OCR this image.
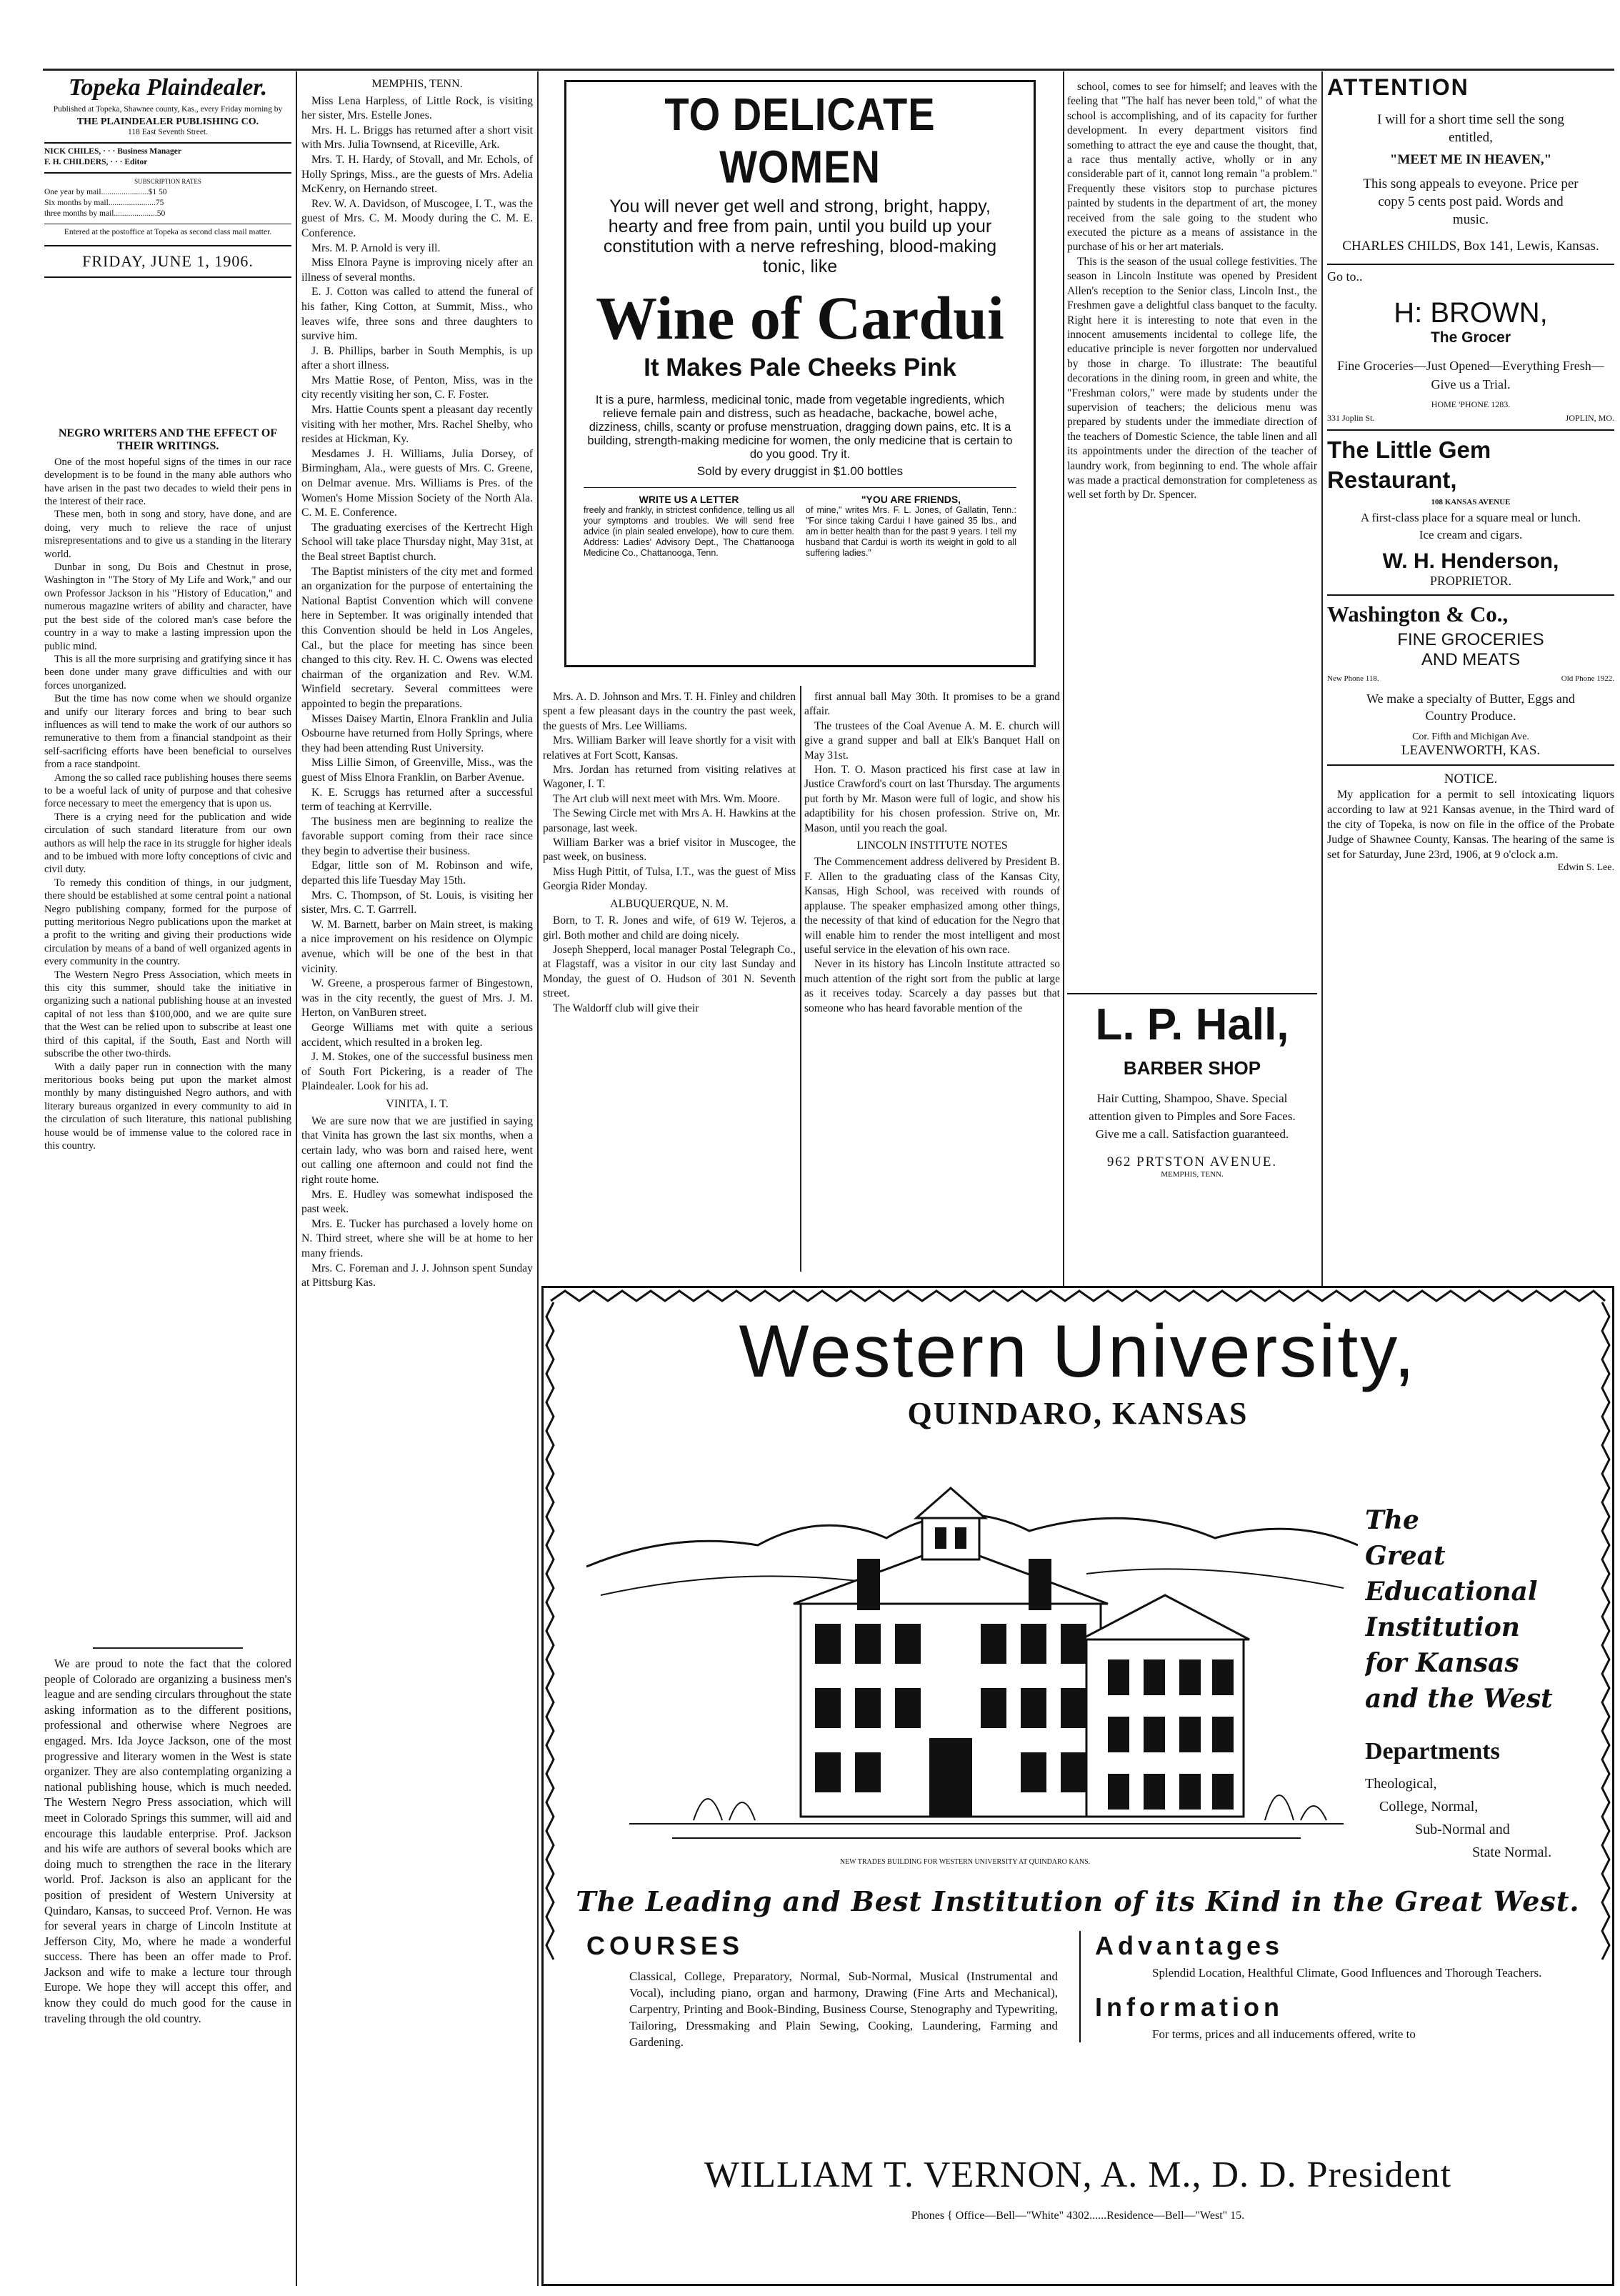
Topeka Plaindealer.
Published at Topeka, Shawnee county, Kas., every Friday morning by
THE PLAINDEALER PUBLISHING CO.
118 East Seventh Street.
NICK CHILES, · · · Business Manager
F. H. CHILDERS, · · · Editor
SUBSCRIPTION RATES
One year by mail.......................$1 50
Six months by mail.......................75
three months by mail.....................50
Entered at the postoffice at Topeka as second class mail matter.
FRIDAY, JUNE 1, 1906.
NEGRO WRITERS AND THE EFFECT OF THEIR WRITINGS.

One of the most hopeful signs of the times in our race development is to be found in the many able authors who have arisen in the past two decades to wield their pens in the interest of their race.

These men, both in song and story, have done, and are doing, very much to relieve the race of unjust misrepresentations and to give us a standing in the literary world.

Dunbar in song, Du Bois and Chestnut in prose, Washington in "The Story of My Life and Work," and our own Professor Jackson in his "History of Education," and numerous magazine writers of ability and character, have put the best side of the colored man's case before the country in a way to make a lasting impression upon the public mind.

This is all the more surprising and gratifying since it has been done under many grave difficulties and with our forces unorganized.

But the time has now come when we should organize and unify our literary forces and bring to bear such influences as will tend to make the work of our authors so remunerative to them from a financial standpoint as their self-sacrificing efforts have been beneficial to ourselves from a race standpoint.

Among the so called race publishing houses there seems to be a woeful lack of unity of purpose and that cohesive force necessary to meet the emergency that is upon us.

There is a crying need for the publication and wide circulation of such standard literature from our own authors as will help the race in its struggle for higher ideals and to be imbued with more lofty conceptions of civic and civil duty.

To remedy this condition of things, in our judgment, there should be established at some central point a national Negro publishing company, formed for the purpose of putting meritorious Negro publications upon the market at a profit to the writing and giving their productions wide circulation by means of a band of well organized agents in every community in the country.

The Western Negro Press Association, which meets in this city this summer, should take the initiative in organizing such a national publishing house at an invested capital of not less than $100,000, and we are quite sure that the West can be relied upon to subscribe at least one third of this capital, if the South, East and North will subscribe the other two-thirds.

With a daily paper run in connection with the many meritorious books being put upon the market almost monthly by many distinguished Negro authors, and with literary bureaus organized in every community to aid in the circulation of such literature, this national publishing house would be of immense value to the colored race in this country.

We are proud to note the fact that the colored people of Colorado are organizing a business men's league and are sending circulars throughout the state asking information as to the different positions, professional and otherwise where Negroes are engaged. Mrs. Ida Joyce Jackson, one of the most progressive and literary women in the West is state organizer. They are also contemplating organizing a national publishing house, which is much needed. The Western Negro Press association, which will meet in Colorado Springs this summer, will aid and encourage this laudable enterprise. Prof. Jackson and his wife are authors of several books which are doing much to strengthen the race in the literary world. Prof. Jackson is also an applicant for the position of president of Western University at Quindaro, Kansas, to succeed Prof. Vernon. He was for several years in charge of Lincoln Institute at Jefferson City, Mo, where he made a wonderful success. There has been an offer made to Prof. Jackson and wife to make a lecture tour through Europe. We hope they will accept this offer, and know they could do much good for the cause in traveling through the old country.

MEMPHIS, TENN.

Miss Lena Harpless, of Little Rock, is visiting her sister, Mrs. Estelle Jones.

Mrs. H. L. Briggs has returned after a short visit with Mrs. Julia Townsend, at Riceville, Ark.

Mrs. T. H. Hardy, of Stovall, and Mr. Echols, of Holly Springs, Miss., are the guests of Mrs. Adelia McKenry, on Hernando street.

Rev. W. A. Davidson, of Muscogee, I. T., was the guest of Mrs. C. M. Moody during the C. M. E. Conference.

Mrs. M. P. Arnold is very ill.

Miss Elnora Payne is improving nicely after an illness of several months.

E. J. Cotton was called to attend the funeral of his father, King Cotton, at Summit, Miss., who leaves wife, three sons and three daughters to survive him.

J. B. Phillips, barber in South Memphis, is up after a short illness.

Mrs Mattie Rose, of Penton, Miss, was in the city recently visiting her son, C. F. Foster.

Mrs. Hattie Counts spent a pleasant day recently visiting with her mother, Mrs. Rachel Shelby, who resides at Hickman, Ky.

Mesdames J. H. Williams, Julia Dorsey, of Birmingham, Ala., were guests of Mrs. C. Greene, on Delmar avenue. Mrs. Williams is Pres. of the Women's Home Mission Society of the North Ala. C. M. E. Conference.

The graduating exercises of the Kertrecht High School will take place Thursday night, May 31st, at the Beal street Baptist church.

The Baptist ministers of the city met and formed an organization for the purpose of entertaining the National Baptist Convention which will convene here in September. It was originally intended that this Convention should be held in Los Angeles, Cal., but the place for meeting has since been changed to this city. Rev. H. C. Owens was elected chairman of the organization and Rev. W.M. Winfield secretary. Several committees were appointed to begin the preparations.

Misses Daisey Martin, Elnora Franklin and Julia Osbourne have returned from Holly Springs, where they had been attending Rust University.

Miss Lillie Simon, of Greenville, Miss., was the guest of Miss Elnora Franklin, on Barber Avenue.

K. E. Scruggs has returned after a successful term of teaching at Kerrville.

The business men are beginning to realize the favorable support coming from their race since they begin to advertise their business.

Edgar, little son of M. Robinson and wife, departed this life Tuesday May 15th.

Mrs. C. Thompson, of St. Louis, is visiting her sister, Mrs. C. T. Garrrell.

W. M. Barnett, barber on Main street, is making a nice improvement on his residence on Olympic avenue, which will be one of the best in that vicinity.

W. Greene, a prosperous farmer of Bingestown, was in the city recently, the guest of Mrs. J. M. Herton, on VanBuren street.

George Williams met with quite a serious accident, which resulted in a broken leg.

J. M. Stokes, one of the successful business men of South Fort Pickering, is a reader of The Plaindealer. Look for his ad.

VINITA, I. T.

We are sure now that we are justified in saying that Vinita has grown the last six months, when a certain lady, who was born and raised here, went out calling one afternoon and could not find the right route home.

Mrs. E. Hudley was somewhat indisposed the past week.

Mrs. E. Tucker has purchased a lovely home on N. Third street, where she will be at home to her many friends.

Mrs. C. Foreman and J. J. Johnson spent Sunday at Pittsburg Kas.

TO DELICATE WOMEN
You will never get well and strong, bright, happy, hearty and free from pain, until you build up your constitution with a nerve refreshing, blood-making tonic, like
Wine of Cardui
It Makes Pale Cheeks Pink
It is a pure, harmless, medicinal tonic, made from vegetable ingredients, which relieve female pain and distress, such as headache, backache, bowel ache, dizziness, chills, scanty or profuse menstruation, dragging down pains, etc. It is a building, strength-making medicine for women, the only medicine that is certain to do you good. Try it.
Sold by every druggist in $1.00 bottles
WRITE US A LETTER
freely and frankly, in strictest confidence, telling us all your symptoms and troubles. We will send free advice (in plain sealed envelope), how to cure them. Address: Ladies' Advisory Dept., The Chattanooga Medicine Co., Chattanooga, Tenn.
"YOU ARE FRIENDS,
of mine," writes Mrs. F. L. Jones, of Gallatin, Tenn.: "For since taking Cardui I have gained 35 lbs., and am in better health than for the past 9 years. I tell my husband that Cardui is worth its weight in gold to all suffering ladies."

Mrs. A. D. Johnson and Mrs. T. H. Finley and children spent a few pleasant days in the country the past week, the guests of Mrs. Lee Williams.

Mrs. William Barker will leave shortly for a visit with relatives at Fort Scott, Kansas.

Mrs. Jordan has returned from visiting relatives at Wagoner, I. T.

The Art club will next meet with Mrs. Wm. Moore.

The Sewing Circle met with Mrs A. H. Hawkins at the parsonage, last week.

William Barker was a brief visitor in Muscogee, the past week, on business.

Miss Hugh Pittit, of Tulsa, I.T., was the guest of Miss Georgia Rider Monday.

ALBUQUERQUE, N. M.

Born, to T. R. Jones and wife, of 619 W. Tejeros, a girl. Both mother and child are doing nicely.

Joseph Shepperd, local manager Postal Telegraph Co., at Flagstaff, was a visitor in our city last Sunday and Monday, the guest of O. Hudson of 301 N. Seventh street.

The Waldorff club will give their

first annual ball May 30th. It promises to be a grand affair.

The trustees of the Coal Avenue A. M. E. church will give a grand supper and ball at Elk's Banquet Hall on May 31st.

Hon. T. O. Mason practiced his first case at law in Justice Crawford's court on last Thursday. The arguments put forth by Mr. Mason were full of logic, and show his adaptibility for his chosen profession. Strive on, Mr. Mason, until you reach the goal.

LINCOLN INSTITUTE NOTES

The Commencement address delivered by President B. F. Allen to the graduating class of the Kansas City, Kansas, High School, was received with rounds of applause. The speaker emphasized among other things, the necessity of that kind of education for the Negro that will enable him to render the most intelligent and most useful service in the elevation of his own race.

Never in its history has Lincoln Institute attracted so much attention of the right sort from the public at large as it receives today. Scarcely a day passes but that someone who has heard favorable mention of the

school, comes to see for himself; and leaves with the feeling that "The half has never been told," of what the school is accomplishing, and of its capacity for further development. In every department visitors find something to attract the eye and cause the thought, that, a race thus mentally active, wholly or in any considerable part of it, cannot long remain "a problem." Frequently these visitors stop to purchase pictures painted by students in the department of art, the money received from the sale going to the student who executed the picture as a means of assistance in the purchase of his or her art materials.

This is the season of the usual college festivities. The season in Lincoln Institute was opened by President Allen's reception to the Senior class, Lincoln Inst., the Freshmen gave a delightful class banquet to the faculty. Right here it is interesting to note that even in the innocent amusements incidental to college life, the educative principle is never forgotten nor undervalued by those in charge. To illustrate: The beautiful decorations in the dining room, in green and white, the "Freshman colors," were made by students under the supervision of teachers; the delicious menu was prepared by students under the immediate direction of the teachers of Domestic Science, the table linen and all its appointments under the direction of the teacher of laundry work, from beginning to end. The whole affair was made a practical demonstration for completeness as well set forth by Dr. Spencer.

L. P. Hall,
BARBER SHOP
Hair Cutting, Shampoo, Shave. Special attention given to Pimples and Sore Faces. Give me a call. Satisfaction guaranteed.
962 PRTSTON AVENUE.
MEMPHIS, TENN.
ATTENTION
I will for a short time sell the song entitled,
"MEET ME IN HEAVEN,"
This song appeals to eveyone. Price per copy 5 cents post paid. Words and music.
CHARLES CHILDS, Box 141, Lewis, Kansas.
Go to..
H: BROWN,
The Grocer
Fine Groceries—Just Opened—Everything Fresh—Give us a Trial.
HOME 'PHONE 1283.
331 Joplin St.	JOPLIN, MO.
The Little Gem Restaurant,
108 KANSAS AVENUE
A first-class place for a square meal or lunch. Ice cream and cigars.
W. H. Henderson,
PROPRIETOR.
Washington & Co.,
FINE GROCERIES
AND MEATS
New Phone 118.	Old Phone 1922.
We make a specialty of Butter, Eggs and Country Produce.
Cor. Fifth and Michigan Ave.
LEAVENWORTH, KAS.
NOTICE.
My application for a permit to sell intoxicating liquors according to law at 921 Kansas avenue, in the Third ward of the city of Topeka, is now on file in the office of the Probate Judge of Shawnee County, Kansas. The hearing of the same is set for Saturday, June 23rd, 1906, at 9 o'clock a.m.
Edwin S. Lee.
Western University,
QUINDARO, KANSAS
NEW TRADES BUILDING FOR WESTERN UNIVERSITY AT QUINDARO KANS.
The
Great
Educational
Institution
for Kansas
and the West
Departments
Theological,
College, Normal,
Sub-Normal and
State Normal.
The Leading and Best Institution of its Kind in the Great West.
COURSES
Classical, College, Preparatory, Normal, Sub-Normal, Musical (Instrumental and Vocal), including piano, organ and harmony, Drawing (Fine Arts and Mechanical), Carpentry, Printing and Book-Binding, Business Course, Stenography and Typewriting, Tailoring, Dressmaking and Plain Sewing, Cooking, Laundering, Farming and Gardening.
Advantages
Splendid Location, Healthful Climate, Good Influences and Thorough Teachers.
Information
For terms, prices and all inducements offered, write to
WILLIAM T. VERNON, A. M., D. D. President
Phones { Office—Bell—"White" 4302......Residence—Bell—"West" 15.
